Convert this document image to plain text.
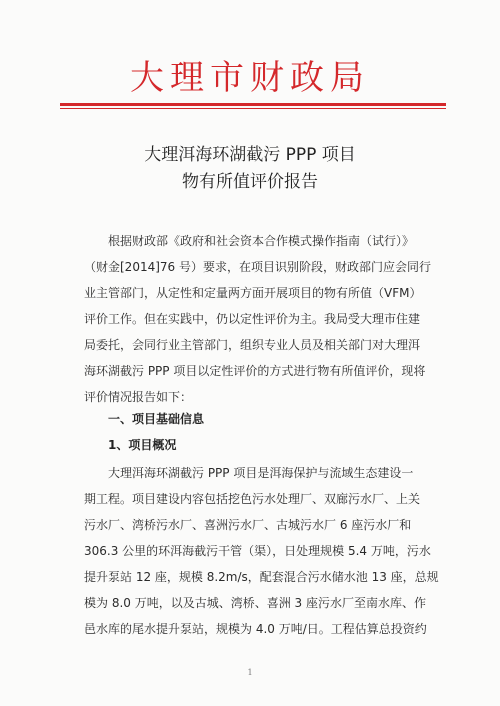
大理市财政局
大理洱海环湖截污 PPP 项目
物有所值评价报告
根据财政部《政府和社会资本合作模式操作指南（试行）》
（财金[2014]76 号）要求，在项目识别阶段，财政部门应会同行
业主管部门，从定性和定量两方面开展项目的物有所值（VFM）
评价工作。但在实践中，仍以定性评价为主。我局受大理市住建
局委托，会同行业主管部门，组织专业人员及相关部门对大理洱
海环湖截污 PPP 项目以定性评价的方式进行物有所值评价，现将
评价情况报告如下：
一、项目基础信息
1、项目概况
大理洱海环湖截污 PPP 项目是洱海保护与流域生态建设一
期工程。项目建设内容包括挖色污水处理厂、双廊污水厂、上关
污水厂、湾桥污水厂、喜洲污水厂、古城污水厂 6 座污水厂和
306.3 公里的环洱海截污干管（渠），日处理规模 5.4 万吨，污水
提升泵站 12 座，规模 8.2m/s，配套混合污水储水池 13 座，总规
模为 8.0 万吨，以及古城、湾桥、喜洲 3 座污水厂至南水库、作
邑水库的尾水提升泵站，规模为 4.0 万吨/日。工程估算总投资约
1
